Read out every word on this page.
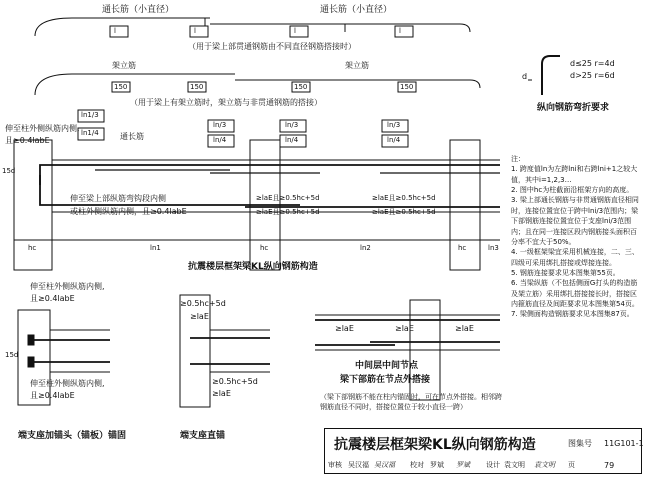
通长筋（小直径）	通长筋（小直径）
l	l	l	l
（用于梁上部贯通钢筋由不同直径钢筋搭接时）
架立筋	架立筋
150	150	150	150
（用于梁上有架立筋时，架立筋与非贯通钢筋的搭接）
d≤25 r=4d
d>25 r=6d
d
纵向钢筋弯折要求
伸至柱外侧纵筋内侧,
且≥0.4labE
ln1/3
ln1/4
ln/3	ln/3	ln/3
ln/4	ln/4	ln/4
通长筋
15d
伸至梁上部纵筋弯钩段内侧
或柱外侧纵筋内侧，且≥0.4labE
≥laE且≥0.5hc+5d
≥laE且≥0.5hc+5d
≥laE且≥0.5hc+5d
≥laE且≥0.5hc+5d
hc	ln1	hc	ln2	hc	ln3
抗震楼层框架梁KL纵向钢筋构造
注：
1. 跨度值ln为左跨lni和右跨lni+1之较大值，其中i=1,2,3…
2. 图中hc为柱截面沿框架方向的高度。
3. 梁上部通长钢筋与非贯通钢筋直径相同时，连接位置宜位于跨中lni/3范围内；梁下部钢筋连接位置宜位于支座lni/3范围内；且在同一连接区段内钢筋接头面积百分率不宜大于50%。
4. 一级框架梁宜采用机械连接，二、三、四级可采用绑扎搭接或焊接连接。
5. 钢筋连接要求见本图集第55页。
6. 当梁纵筋（不包括侧面G打头的构造筋及架立筋）采用绑扎搭接接长时，搭接区内箍筋直径及间距要求见本图集第54页。
7. 梁侧面构造钢筋要求见本图集87页。
伸至柱外侧纵筋内侧,
且≥0.4labE
伸至柱外侧纵筋内侧,
且≥0.4labE
15d
端支座加锚头（锚板）锚固
≥0.5hc+5d
≥laE
≥0.5hc+5d
≥laE
端支座直锚
≥laE	≥laE	≥laE
中间层中间节点
梁下部筋在节点外搭接
（梁下部钢筋不能在柱内锚固时，可在节点外搭接。相邻跨钢筋直径不同时，搭接位置位于较小直径一跨）
抗震楼层框架梁KL纵向钢筋构造	图集号 11G101-1
审核 吴汉福 吴汉福 校对 罗斌 罗斌 设计 袁文明 袁文明 页	79
